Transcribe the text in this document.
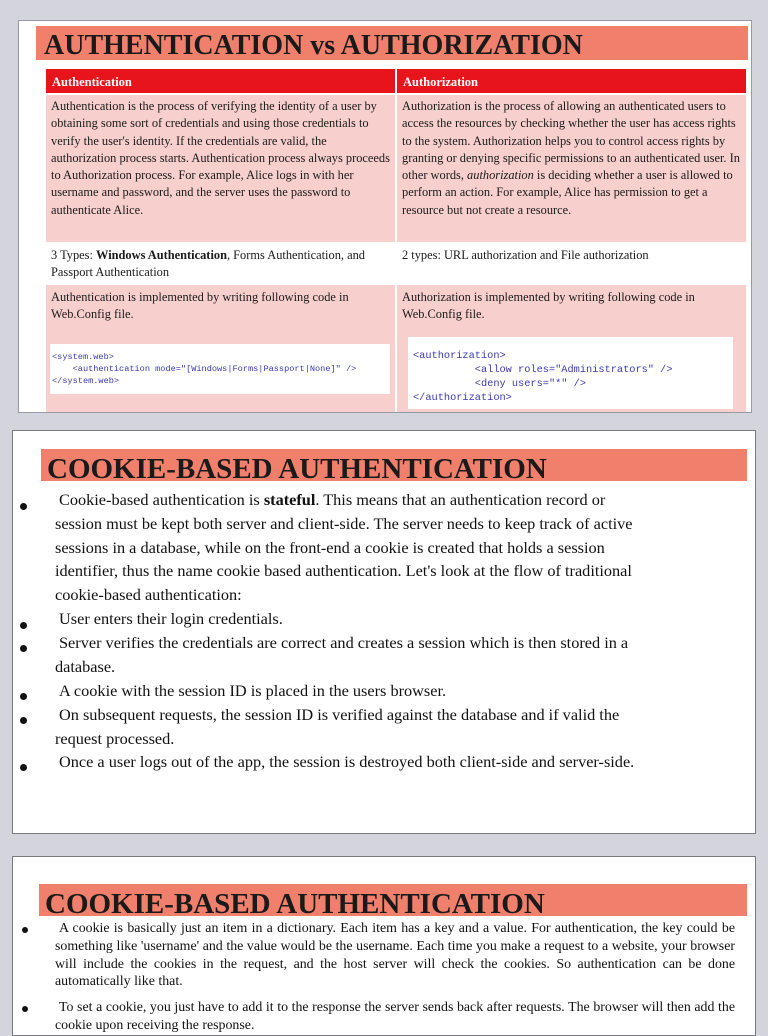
AUTHENTICATION vs AUTHORIZATION
Authentication	Authorization
Authentication is the process of verifying the identity of a user by obtaining some sort of credentials and using those credentials to verify the user's identity. If the credentials are valid, the authorization process starts. Authentication process always proceeds to Authorization process. For example, Alice logs in with her username and password, and the server uses the password to authenticate Alice.
Authorization is the process of allowing an authenticated users to access the resources by checking whether the user has access rights to the system. Authorization helps you to control access rights by granting or denying specific permissions to an authenticated user. In other words, authorization is deciding whether a user is allowed to perform an action. For example, Alice has permission to get a resource but not create a resource.
3 Types: Windows Authentication, Forms Authentication, and Passport Authentication
2 types: URL authorization and File authorization
Authentication is implemented by writing following code in Web.Config file.
Authorization is implemented by writing following code in Web.Config file.
<system.web>
<authentication mode="[Windows|Forms|Passport|None]" />
</system.web>
<authorization>
<allow roles="Administrators" />
<deny users="*" />
</authorization>
COOKIE-BASED AUTHENTICATION
Cookie-based authentication is stateful. This means that an authentication record or
session must be kept both server and client-side. The server needs to keep track of active
sessions in a database, while on the front-end a cookie is created that holds a session
identifier, thus the name cookie based authentication. Let's look at the flow of traditional
cookie-based authentication:
User enters their login credentials.
Server verifies the credentials are correct and creates a session which is then stored in a
database.
A cookie with the session ID is placed in the users browser.
On subsequent requests, the session ID is verified against the database and if valid the
request processed.
Once a user logs out of the app, the session is destroyed both client-side and server-side.
COOKIE-BASED AUTHENTICATION
A cookie is basically just an item in a dictionary. Each item has a key and a value. For authentication, the key could be something like 'username' and the value would be the username. Each time you make a request to a website, your browser will include the cookies in the request, and the host server will check the cookies. So authentication can be done automatically like that.
To set a cookie, you just have to add it to the response the server sends back after requests. The browser will then add the cookie upon receiving the response.
